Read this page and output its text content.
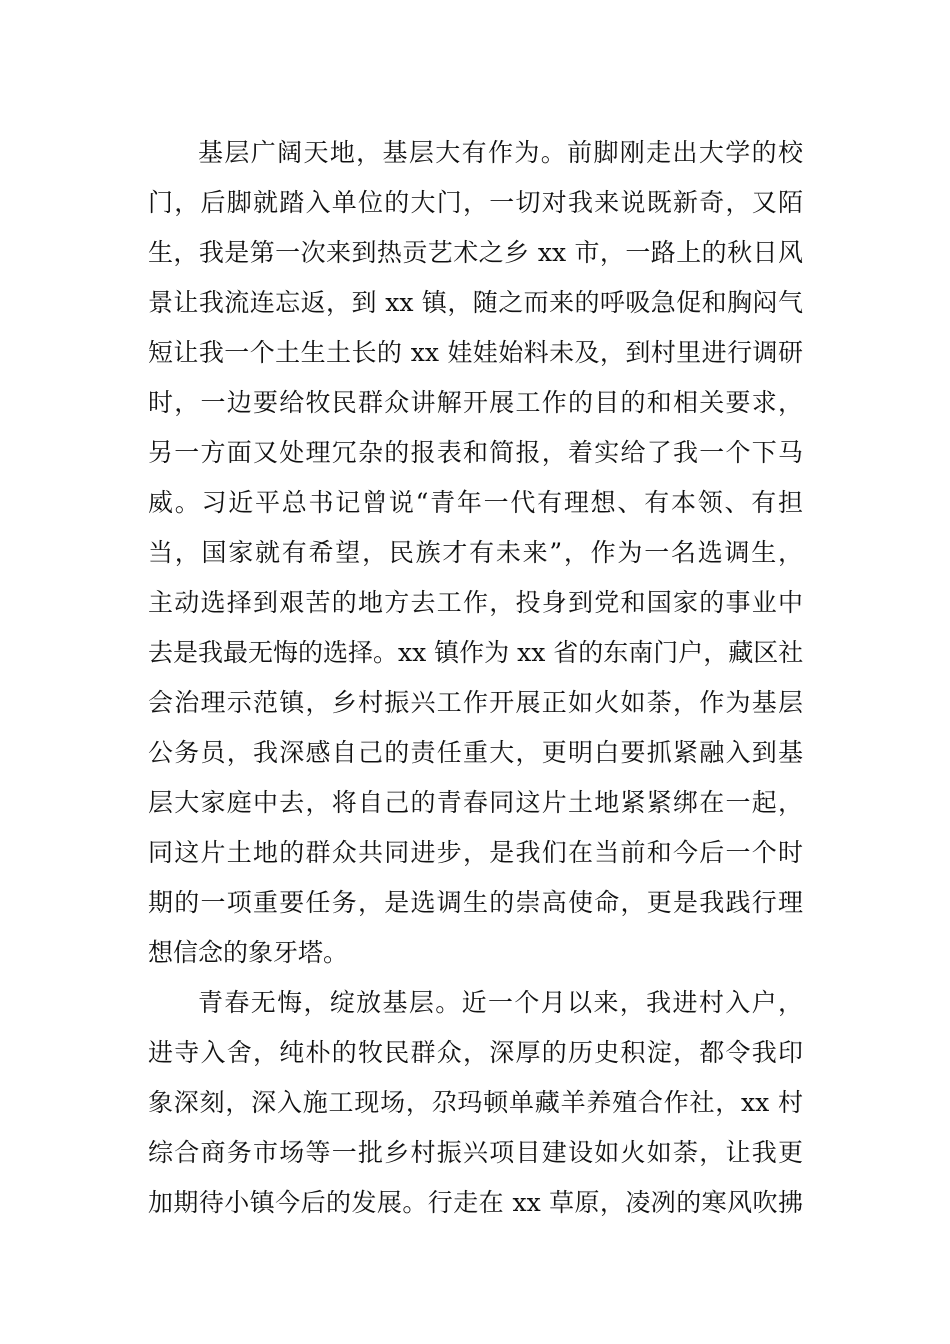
基层广阔天地，基层大有作为。前脚刚走出大学的校
门，后脚就踏入单位的大门，一切对我来说既新奇，又陌
生，我是第一次来到热贡艺术之乡 xx 市，一路上的秋日风
景让我流连忘返，到 xx 镇，随之而来的呼吸急促和胸闷气
短让我一个土生土长的 xx 娃娃始料未及，到村里进行调研
时，一边要给牧民群众讲解开展工作的目的和相关要求，
另一方面又处理冗杂的报表和简报，着实给了我一个下马
威。习近平总书记曾说“青年一代有理想、有本领、有担
当，国家就有希望，民族才有未来”，作为一名选调生，
主动选择到艰苦的地方去工作，投身到党和国家的事业中
去是我最无悔的选择。xx 镇作为 xx 省的东南门户，藏区社
会治理示范镇，乡村振兴工作开展正如火如荼，作为基层
公务员，我深感自己的责任重大，更明白要抓紧融入到基
层大家庭中去，将自己的青春同这片土地紧紧绑在一起，
同这片土地的群众共同进步，是我们在当前和今后一个时
期的一项重要任务，是选调生的崇高使命，更是我践行理
想信念的象牙塔。
青春无悔，绽放基层。近一个月以来，我进村入户，
进寺入舍，纯朴的牧民群众，深厚的历史积淀，都令我印
象深刻，深入施工现场，尕玛顿单藏羊养殖合作社，xx 村
综合商务市场等一批乡村振兴项目建设如火如荼，让我更
加期待小镇今后的发展。行走在 xx 草原，凌冽的寒风吹拂
